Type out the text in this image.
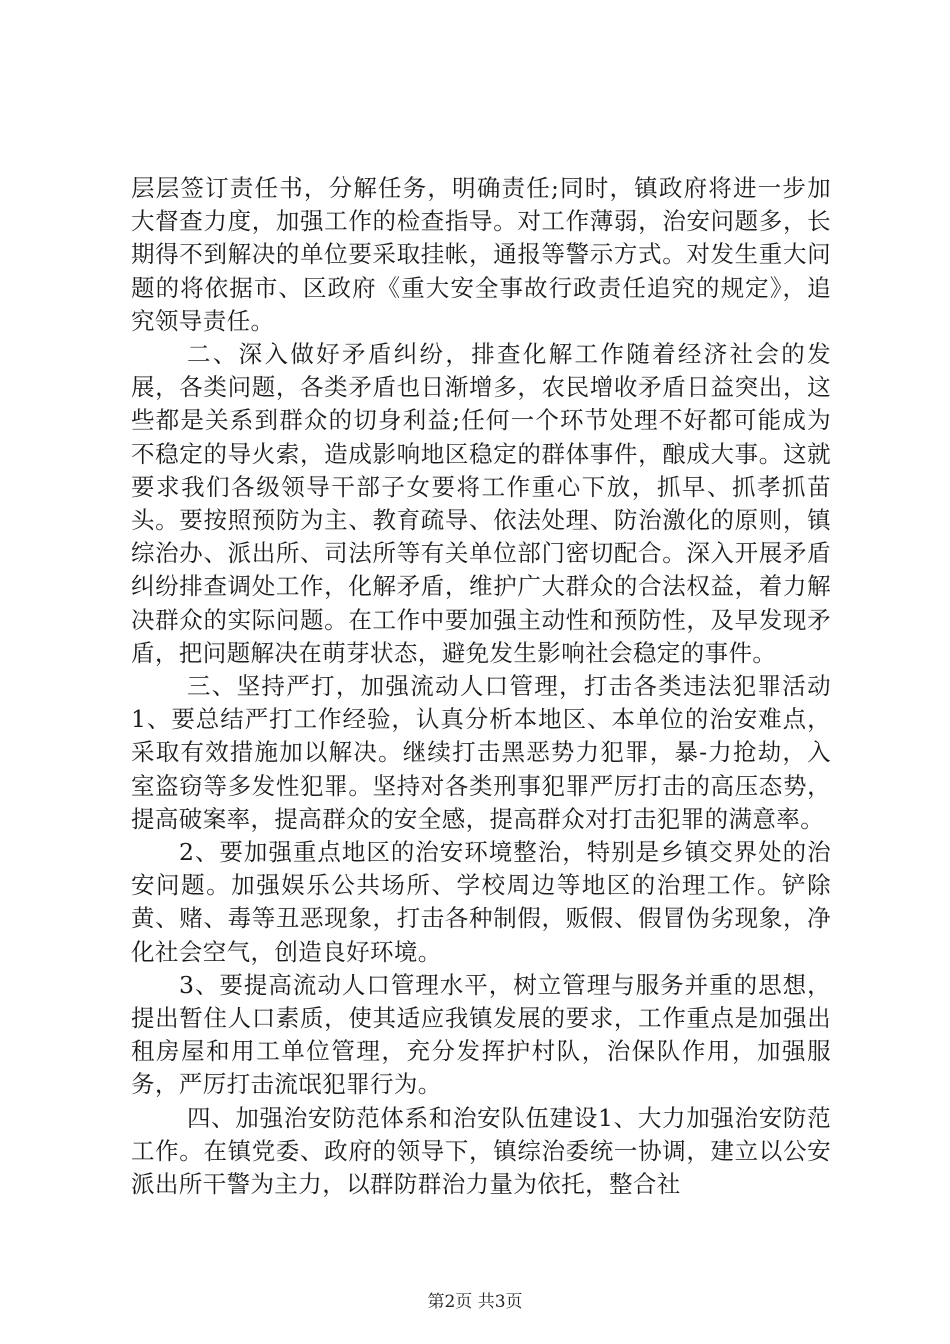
层层签订责任书，分解任务，明确责任;同时，镇政府将进一步加大督查力度，加强工作的检查指导。对工作薄弱，治安问题多，长期得不到解决的单位要采取挂帐，通报等警示方式。对发生重大问题的将依据市、区政府《重大安全事故行政责任追究的规定》，追究领导责任。

二、深入做好矛盾纠纷，排查化解工作随着经济社会的发展，各类问题，各类矛盾也日渐增多，农民增收矛盾日益突出，这些都是关系到群众的切身利益;任何一个环节处理不好都可能成为不稳定的导火索，造成影响地区稳定的群体事件，酿成大事。这就要求我们各级领导干部子女要将工作重心下放，抓早、抓孝抓苗头。要按照预防为主、教育疏导、依法处理、防治激化的原则，镇综治办、派出所、司法所等有关单位部门密切配合。深入开展矛盾纠纷排查调处工作，化解矛盾，维护广大群众的合法权益，着力解决群众的实际问题。在工作中要加强主动性和预防性，及早发现矛盾，把问题解决在萌芽状态，避免发生影响社会稳定的事件。

三、坚持严打，加强流动人口管理，打击各类违法犯罪活动1、要总结严打工作经验，认真分析本地区、本单位的治安难点，采取有效措施加以解决。继续打击黑恶势力犯罪，暴-力抢劫，入室盗窃等多发性犯罪。坚持对各类刑事犯罪严厉打击的高压态势，提高破案率，提高群众的安全感，提高群众对打击犯罪的满意率。

2、要加强重点地区的治安环境整治，特别是乡镇交界处的治安问题。加强娱乐公共场所、学校周边等地区的治理工作。铲除黄、赌、毒等丑恶现象，打击各种制假，贩假、假冒伪劣现象，净化社会空气，创造良好环境。

3、要提高流动人口管理水平，树立管理与服务并重的思想，提出暂住人口素质，使其适应我镇发展的要求，工作重点是加强出租房屋和用工单位管理，充分发挥护村队，治保队作用，加强服务，严厉打击流氓犯罪行为。

四、加强治安防范体系和治安队伍建设1、大力加强治安防范工作。在镇党委、政府的领导下，镇综治委统一协调，建立以公安派出所干警为主力，以群防群治力量为依托，整合社

第2页 共3页
